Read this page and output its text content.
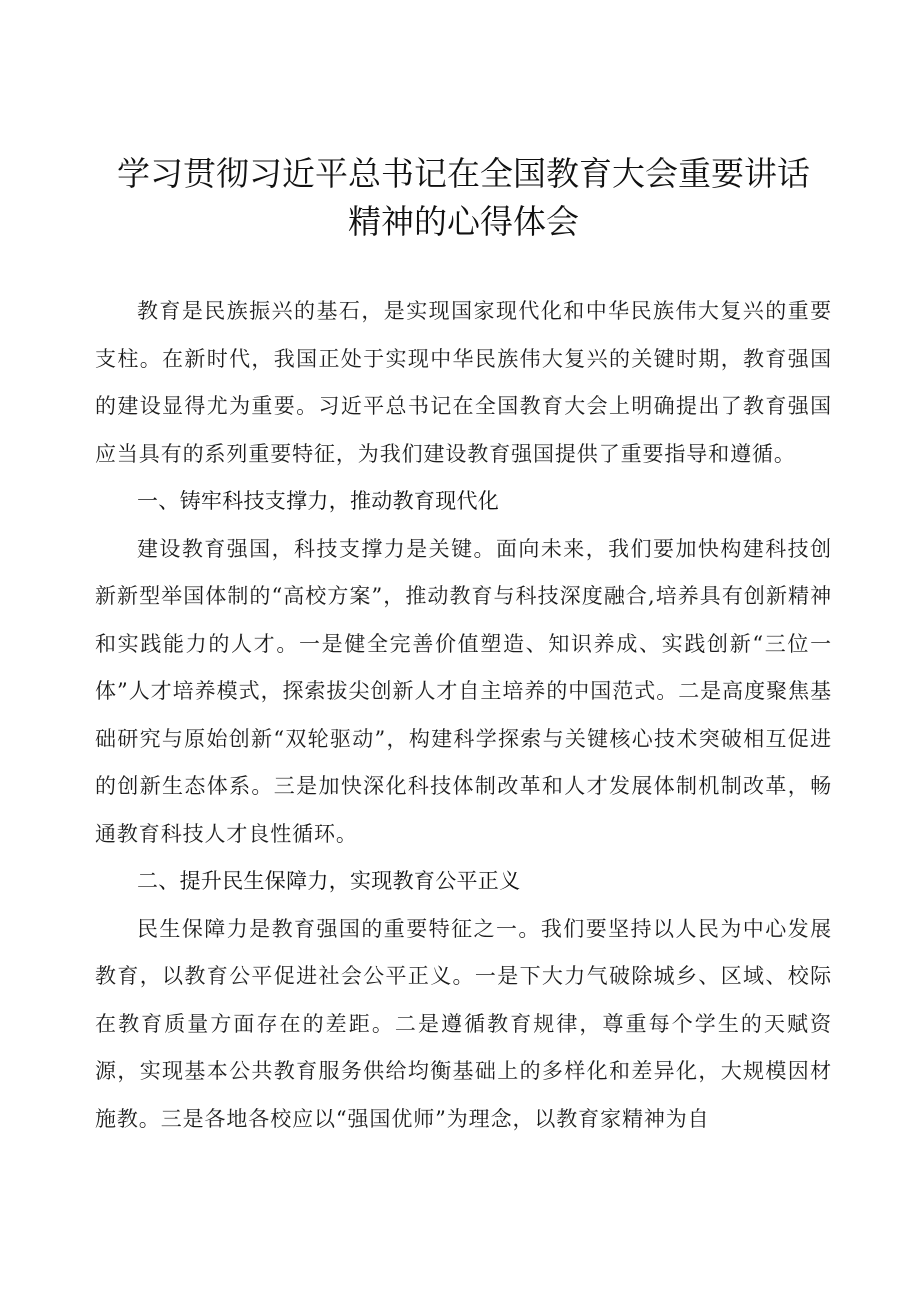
学习贯彻习近平总书记在全国教育大会重要讲话
精神的心得体会

教育是民族振兴的基石，是实现国家现代化和中华民族伟大复兴的重要支柱。在新时代，我国正处于实现中华民族伟大复兴的关键时期，教育强国的建设显得尤为重要。习近平总书记在全国教育大会上明确提出了教育强国应当具有的系列重要特征，为我们建设教育强国提供了重要指导和遵循。

一、铸牢科技支撑力，推动教育现代化

建设教育强国，科技支撑力是关键。面向未来，我们要加快构建科技创新新型举国体制的“高校方案”，推动教育与科技深度融合,培养具有创新精神和实践能力的人才。一是健全完善价值塑造、知识养成、实践创新“三位一体”人才培养模式，探索拔尖创新人才自主培养的中国范式。二是高度聚焦基础研究与原始创新“双轮驱动”，构建科学探索与关键核心技术突破相互促进的创新生态体系。三是加快深化科技体制改革和人才发展体制机制改革，畅通教育科技人才良性循环。

二、提升民生保障力，实现教育公平正义

民生保障力是教育强国的重要特征之一。我们要坚持以人民为中心发展教育，以教育公平促进社会公平正义。一是下大力气破除城乡、区域、校际在教育质量方面存在的差距。二是遵循教育规律，尊重每个学生的天赋资源，实现基本公共教育服务供给均衡基础上的多样化和差异化，大规模因材施教。三是各地各校应以“强国优师”为理念，以教育家精神为自
